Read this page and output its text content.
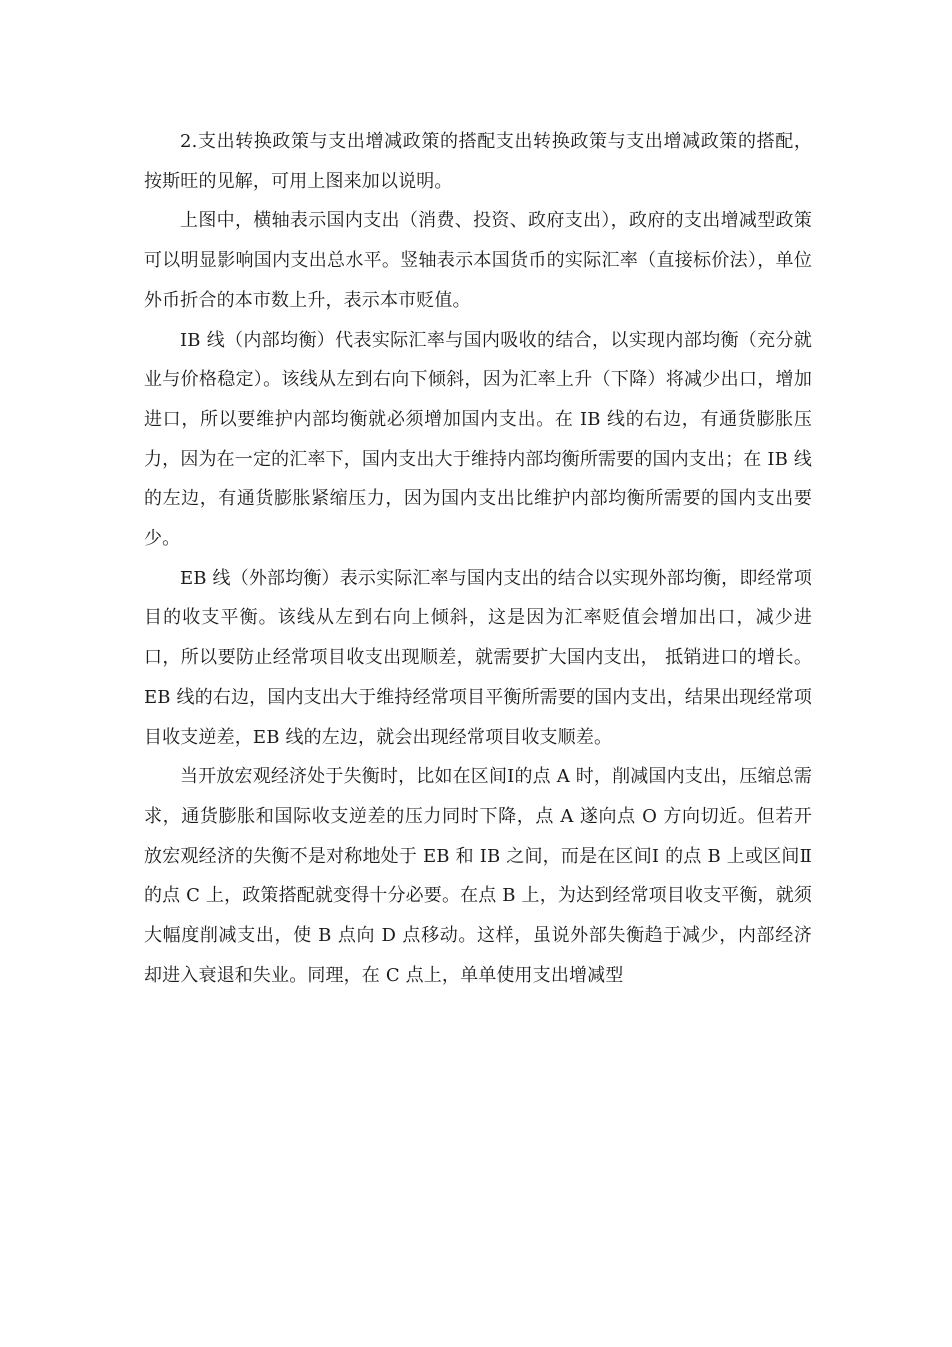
2.支出转换政策与支出增减政策的搭配支出转换政策与支出增减政策的搭配，按斯旺的见解，可用上图来加以说明。

上图中，横轴表示国内支出（消费、投资、政府支出），政府的支出增减型政策可以明显影响国内支出总水平。竖轴表示本国货币的实际汇率（直接标价法），单位外币折合的本市数上升，表示本市贬值。

IB 线（内部均衡）代表实际汇率与国内吸收的结合，以实现内部均衡（充分就业与价格稳定）。该线从左到右向下倾斜，因为汇率上升（下降）将减少出口，增加进口，所以要维护内部均衡就必须增加国内支出。在 IB 线的右边，有通货膨胀压力，因为在一定的汇率下，国内支出大于维持内部均衡所需要的国内支出；在 IB 线的左边，有通货膨胀紧缩压力，因为国内支出比维护内部均衡所需要的国内支出要少。

EB 线（外部均衡）表示实际汇率与国内支出的结合以实现外部均衡，即经常项目的收支平衡。该线从左到右向上倾斜，这是因为汇率贬值会增加出口，减少进口，所以要防止经常项目收支出现顺差，就需要扩大国内支出， 抵销进口的增长。EB 线的右边，国内支出大于维持经常项目平衡所需要的国内支出，结果出现经常项目收支逆差，EB 线的左边，就会出现经常项目收支顺差。

当开放宏观经济处于失衡时，比如在区间Ⅰ的点 A 时，削减国内支出，压缩总需求，通货膨胀和国际收支逆差的压力同时下降，点 A 遂向点 O 方向切近。但若开放宏观经济的失衡不是对称地处于 EB 和 IB 之间，而是在区间Ⅰ 的点 B 上或区间Ⅱ的点 C 上，政策搭配就变得十分必要。在点 B 上，为达到经常项目收支平衡，就须大幅度削减支出，使 B 点向 D 点移动。这样，虽说外部失衡趋于减少，内部经济却进入衰退和失业。同理，在 C 点上，单单使用支出增减型
